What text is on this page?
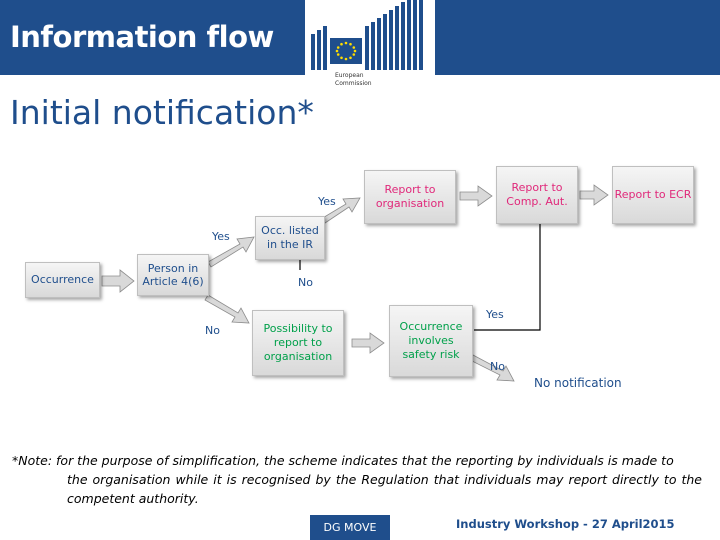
Information flow
European
Commission
Initial notification*
Occurrence
Person in Article 4(6)
Occ. listed in the IR
Report to organisation
Report to Comp. Aut.
Report to ECR
Possibility to report to organisation
Occurrence involves safety risk
No notification
Yes
Yes
No
No
Yes
No
*Note: for the purpose of simplification, the scheme indicates that the reporting by individuals is made to
the organisation while it is recognised by the Regulation that individuals may report directly to the competent authority.
DG MOVE	Industry Workshop - 27 April2015
